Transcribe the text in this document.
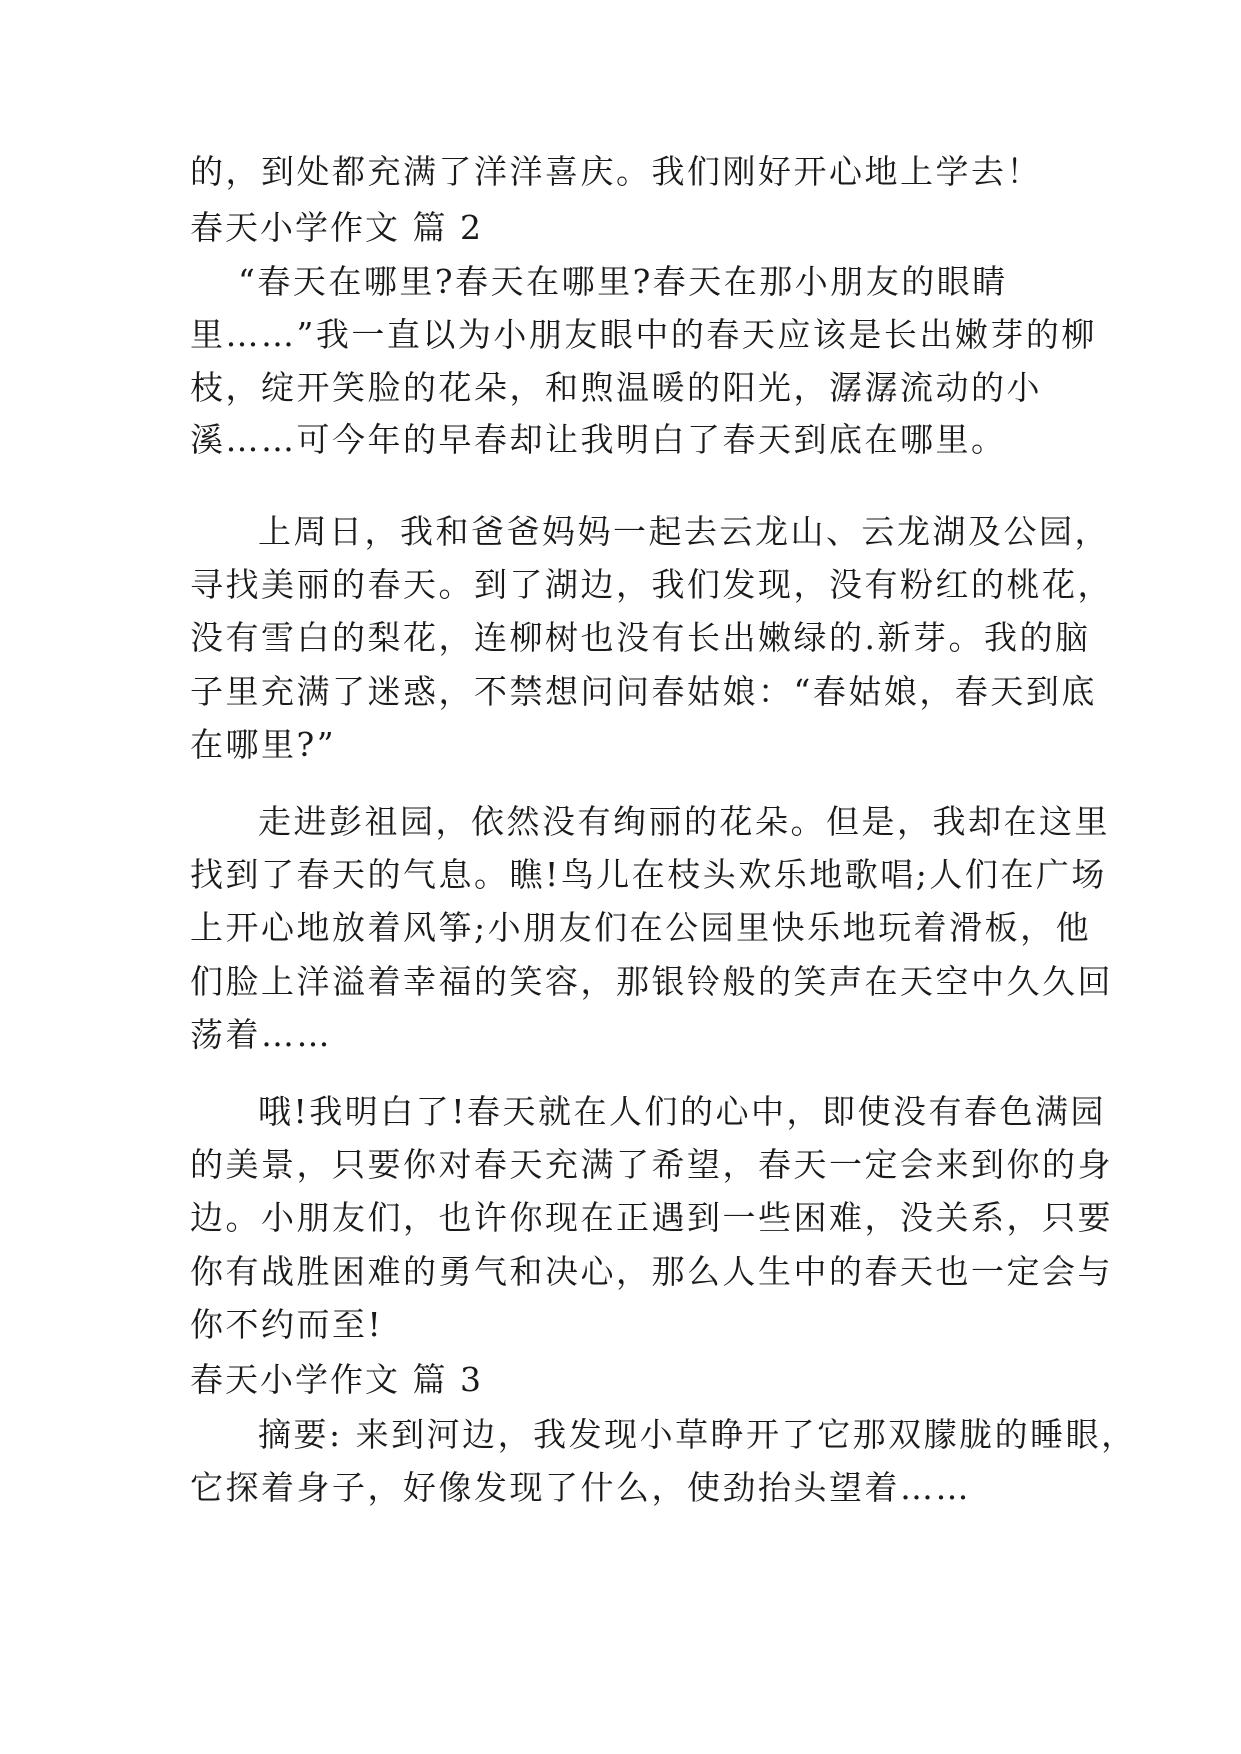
的，到处都充满了洋洋喜庆。我们刚好开心地上学去！
春天小学作文 篇 2
“春天在哪里?春天在哪里?春天在那小朋友的眼睛
里……”我一直以为小朋友眼中的春天应该是长出嫩芽的柳
枝，绽开笑脸的花朵，和煦温暖的阳光，潺潺流动的小
溪……可今年的早春却让我明白了春天到底在哪里。
上周日，我和爸爸妈妈一起去云龙山、云龙湖及公园，
寻找美丽的春天。到了湖边，我们发现，没有粉红的桃花，
没有雪白的梨花，连柳树也没有长出嫩绿的.新芽。我的脑
子里充满了迷惑，不禁想问问春姑娘：“春姑娘，春天到底
在哪里?”
走进彭祖园，依然没有绚丽的花朵。但是，我却在这里
找到了春天的气息。瞧!鸟儿在枝头欢乐地歌唱;人们在广场
上开心地放着风筝;小朋友们在公园里快乐地玩着滑板，他
们脸上洋溢着幸福的笑容，那银铃般的笑声在天空中久久回
荡着……
哦!我明白了!春天就在人们的心中，即使没有春色满园
的美景，只要你对春天充满了希望，春天一定会来到你的身
边。小朋友们，也许你现在正遇到一些困难，没关系，只要
你有战胜困难的勇气和决心，那么人生中的春天也一定会与
你不约而至!
春天小学作文 篇 3
摘要: 来到河边，我发现小草睁开了它那双朦胧的睡眼，
它探着身子，好像发现了什么，使劲抬头望着……
